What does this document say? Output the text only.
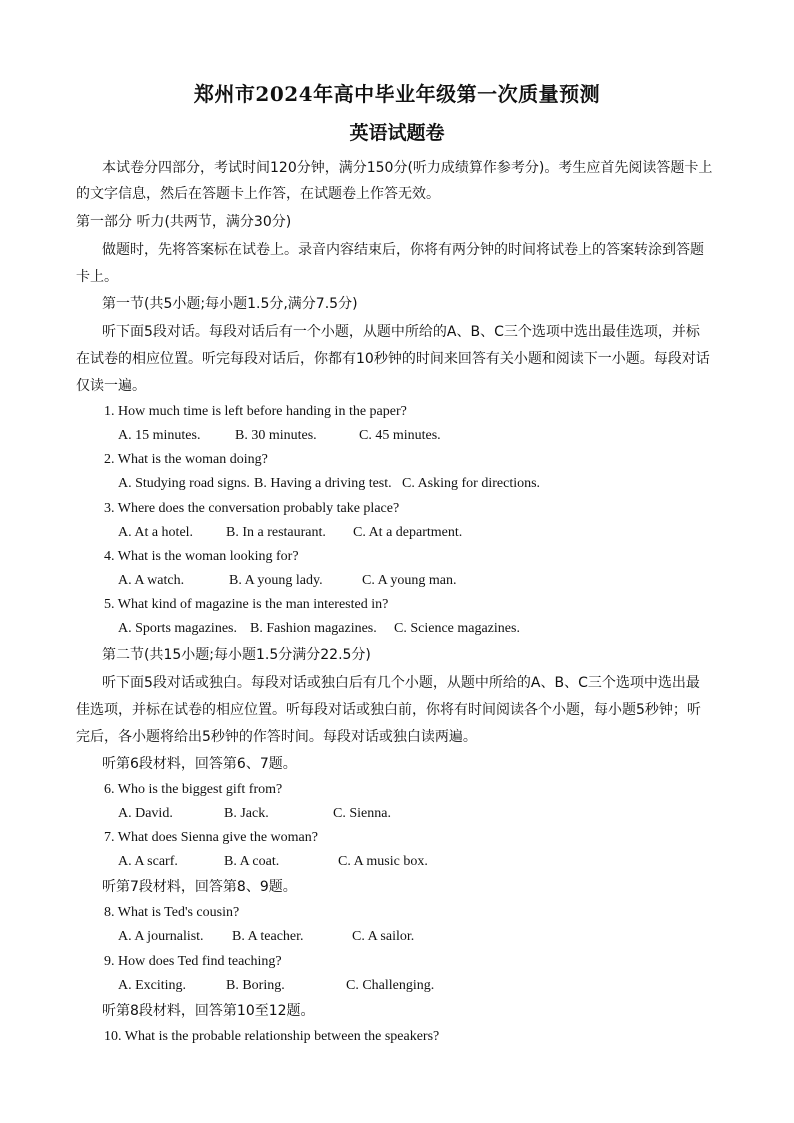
郑州市2024年高中毕业年级第一次质量预测
英语试题卷
本试卷分四部分，考试时间120分钟，满分150分(听力成绩算作参考分)。考生应首先阅读答题卡上
的文字信息，然后在答题卡上作答，在试题卷上作答无效。
第一部分 听力(共两节，满分30分)
做题时，先将答案标在试卷上。录音内容结束后，你将有两分钟的时间将试卷上的答案转涂到答题
卡上。
第一节(共5小题;每小题1.5分,满分7.5分)
听下面5段对话。每段对话后有一个小题，从题中所给的A、B、C三个选项中选出最佳选项，并标
在试卷的相应位置。听完每段对话后，你都有10秒钟的时间来回答有关小题和阅读下一小题。每段对话
仅读一遍。
1. How much time is left before handing in the paper?
A. 15 minutes. B. 30 minutes.	C. 45 minutes.
2. What is the woman doing?
A. Studying road signs. B. Having a driving test. C. Asking for directions.
3. Where does the conversation probably take place?
A. At a hotel. B. In a restaurant. C. At a department.
4. What is the woman looking for?
A. A watch.	B. A young lady.	C. A young man.
5. What kind of magazine is the man interested in?
A. Sports magazines. B. Fashion magazines. C. Science magazines.
第二节(共15小题;每小题1.5分满分22.5分)
听下面5段对话或独白。每段对话或独白后有几个小题，从题中所给的A、B、C三个选项中选出最
佳选项，并标在试卷的相应位置。听每段对话或独白前，你将有时间阅读各个小题，每小题5秒钟；听
完后，各小题将给出5秒钟的作答时间。每段对话或独白读两遍。
听第6段材料，回答第6、7题。
6. Who is the biggest gift from?
A. David.	B. Jack.	C. Sienna.
7. What does Sienna give the woman?
A. A scarf.	B. A coat.	C. A music box.
听第7段材料，回答第8、9题。
8. What is Ted's cousin?
A. A journalist. B. A teacher.	C. A sailor.
9. How does Ted find teaching?
A. Exciting.	B. Boring.	C. Challenging.
听第8段材料，回答第10至12题。
10. What is the probable relationship between the speakers?
